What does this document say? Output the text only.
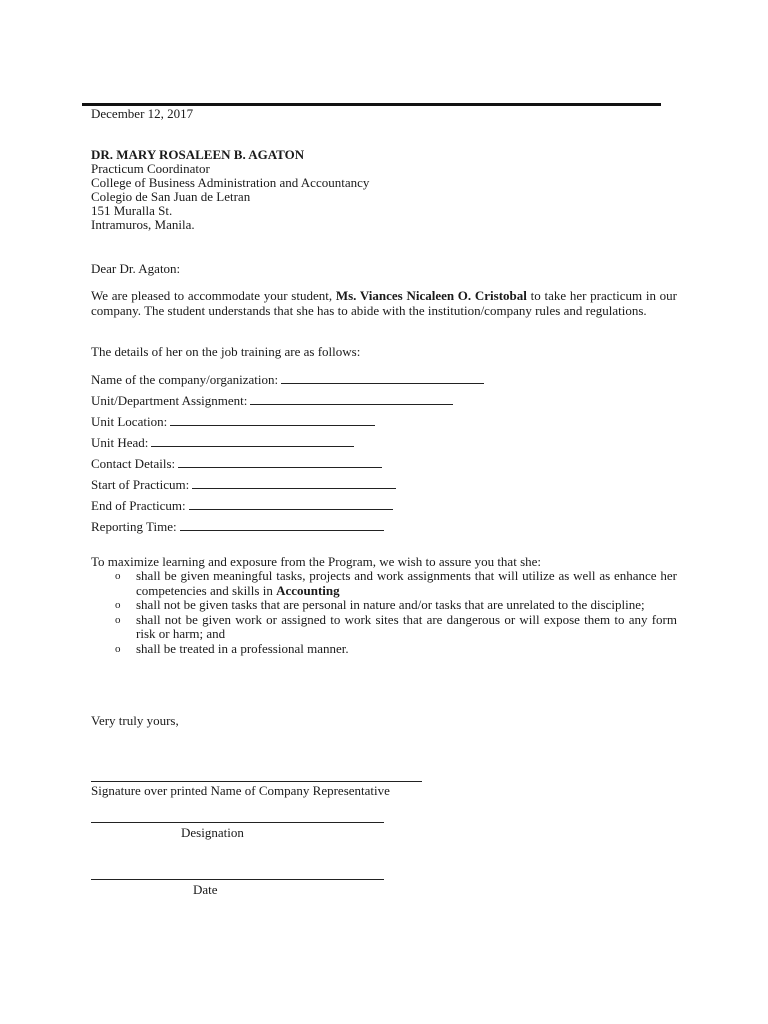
December 12, 2017
DR. MARY ROSALEEN B. AGATON
Practicum Coordinator
College of Business Administration and Accountancy
Colegio de San Juan de Letran
151 Muralla St.
Intramuros, Manila.
Dear Dr. Agaton:
We are pleased to accommodate your student, Ms. Viances Nicaleen O. Cristobal to take her practicum in our company. The student understands that she has to abide with the institution/company rules and regulations.
The details of her on the job training are as follows:
Name of the company/organization:
Unit/Department Assignment:
Unit Location:
Unit Head:
Contact Details:
Start of Practicum:
End of Practicum:
Reporting Time:
To maximize learning and exposure from the Program, we wish to assure you that she:
o shall be given meaningful tasks, projects and work assignments that will utilize as well as enhance her competencies and skills in Accounting
o shall not be given tasks that are personal in nature and/or tasks that are unrelated to the discipline;
o shall not be given work or assigned to work sites that are dangerous or will expose them to any form risk or harm; and
o shall be treated in a professional manner.
Very truly yours,
Signature over printed Name of Company Representative
Designation
Date
